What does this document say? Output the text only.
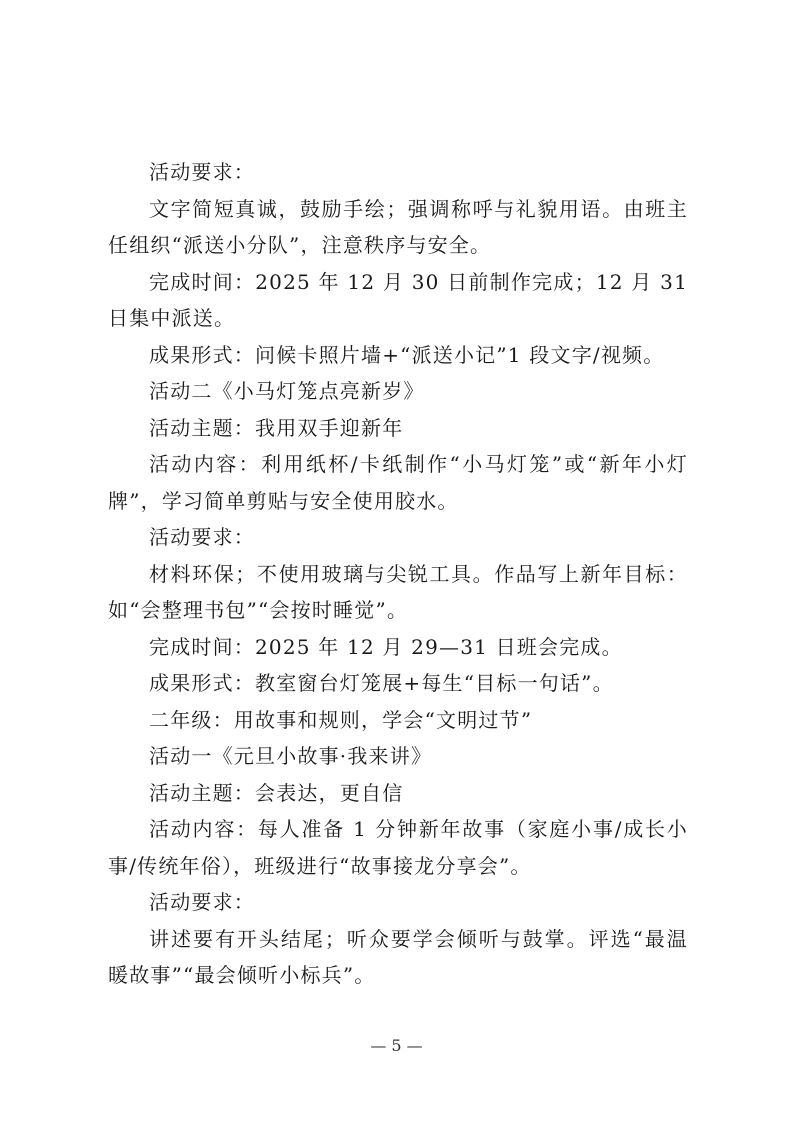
活动要求：

文字简短真诚，鼓励手绘；强调称呼与礼貌用语。由班主任组织“派送小分队”，注意秩序与安全。

完成时间：2025 年 12 月 30 日前制作完成；12 月 31 日集中派送。

成果形式：问候卡照片墙+“派送小记”1 段文字/视频。

活动二《小马灯笼点亮新岁》

活动主题：我用双手迎新年

活动内容：利用纸杯/卡纸制作“小马灯笼”或“新年小灯牌”，学习简单剪贴与安全使用胶水。

活动要求：

材料环保；不使用玻璃与尖锐工具。作品写上新年目标：如“会整理书包”“会按时睡觉”。

完成时间：2025 年 12 月 29—31 日班会完成。

成果形式：教室窗台灯笼展+每生“目标一句话”。

二年级：用故事和规则，学会“文明过节”

活动一《元旦小故事·我来讲》

活动主题：会表达，更自信

活动内容：每人准备 1 分钟新年故事（家庭小事/成长小事/传统年俗），班级进行“故事接龙分享会”。

活动要求：

讲述要有开头结尾；听众要学会倾听与鼓掌。评选“最温暖故事”“最会倾听小标兵”。

— 5 —
